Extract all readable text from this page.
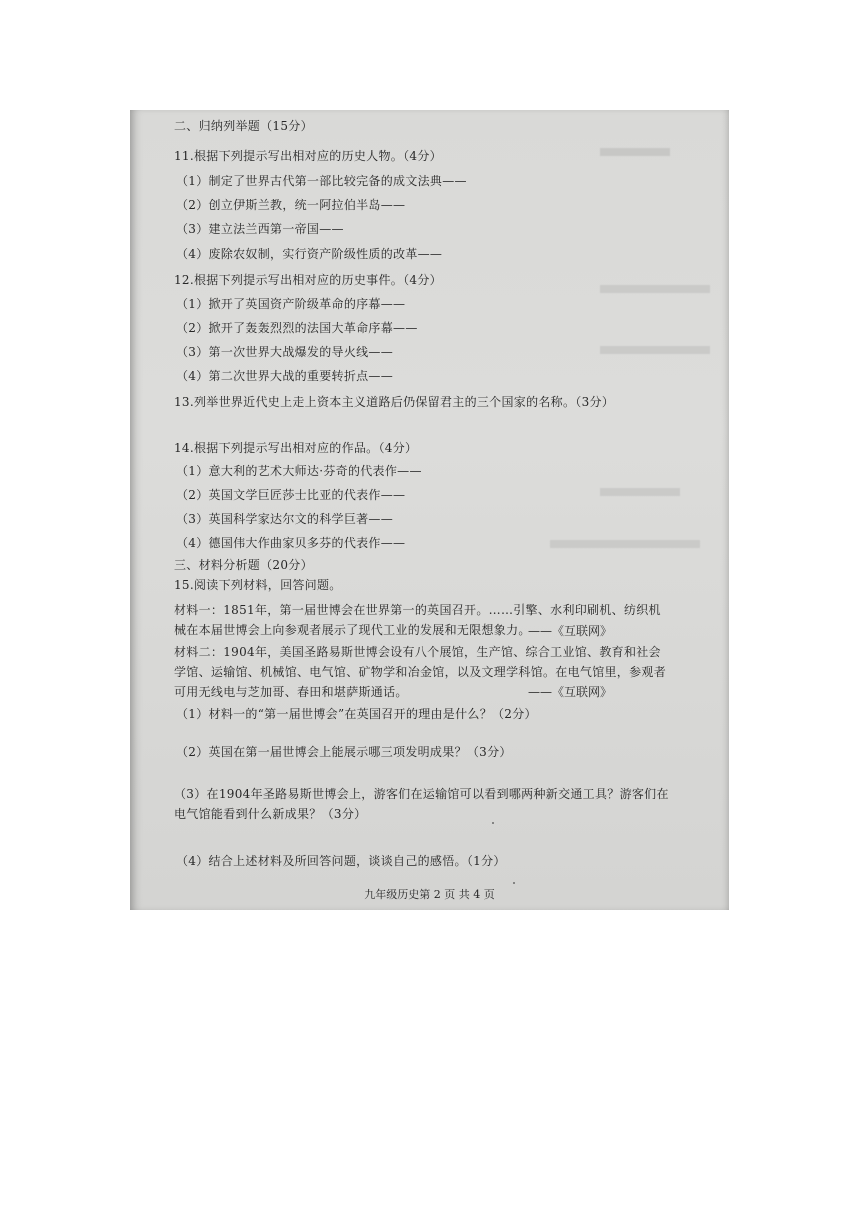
二、归纳列举题（15分）
11.根据下列提示写出相对应的历史人物。（4分）
（1）制定了世界古代第一部比较完备的成文法典——
（2）创立伊斯兰教，统一阿拉伯半岛——
（3）建立法兰西第一帝国——
（4）废除农奴制，实行资产阶级性质的改革——
12.根据下列提示写出相对应的历史事件。（4分）
（1）掀开了英国资产阶级革命的序幕——
（2）掀开了轰轰烈烈的法国大革命序幕——
（3）第一次世界大战爆发的导火线——
（4）第二次世界大战的重要转折点——
13.列举世界近代史上走上资本主义道路后仍保留君主的三个国家的名称。（3分）
14.根据下列提示写出相对应的作品。（4分）
（1）意大利的艺术大师达·芬奇的代表作——
（2）英国文学巨匠莎士比亚的代表作——
（3）英国科学家达尔文的科学巨著——
（4）德国伟大作曲家贝多芬的代表作——
三、材料分析题（20分）
15.阅读下列材料，回答问题。
材料一：1851年，第一届世博会在世界第一的英国召开。……引擎、水利印刷机、纺织机械在本届世博会上向参观者展示了现代工业的发展和无限想象力。
——《互联网》
材料二：1904年，美国圣路易斯世博会设有八个展馆，生产馆、综合工业馆、教育和社会学馆、运输馆、机械馆、电气馆、矿物学和冶金馆，以及文理学科馆。在电气馆里，参观者可用无线电与芝加哥、春田和堪萨斯通话。	——《互联网》
（1）材料一的“第一届世博会”在英国召开的理由是什么？（2分）
（2）英国在第一届世博会上能展示哪三项发明成果？（3分）
（3）在1904年圣路易斯世博会上，游客们在运输馆可以看到哪两种新交通工具？游客们在电气馆能看到什么新成果？（3分）
（4）结合上述材料及所回答问题，谈谈自己的感悟。（1分）
九年级历史第 2 页 共 4 页
